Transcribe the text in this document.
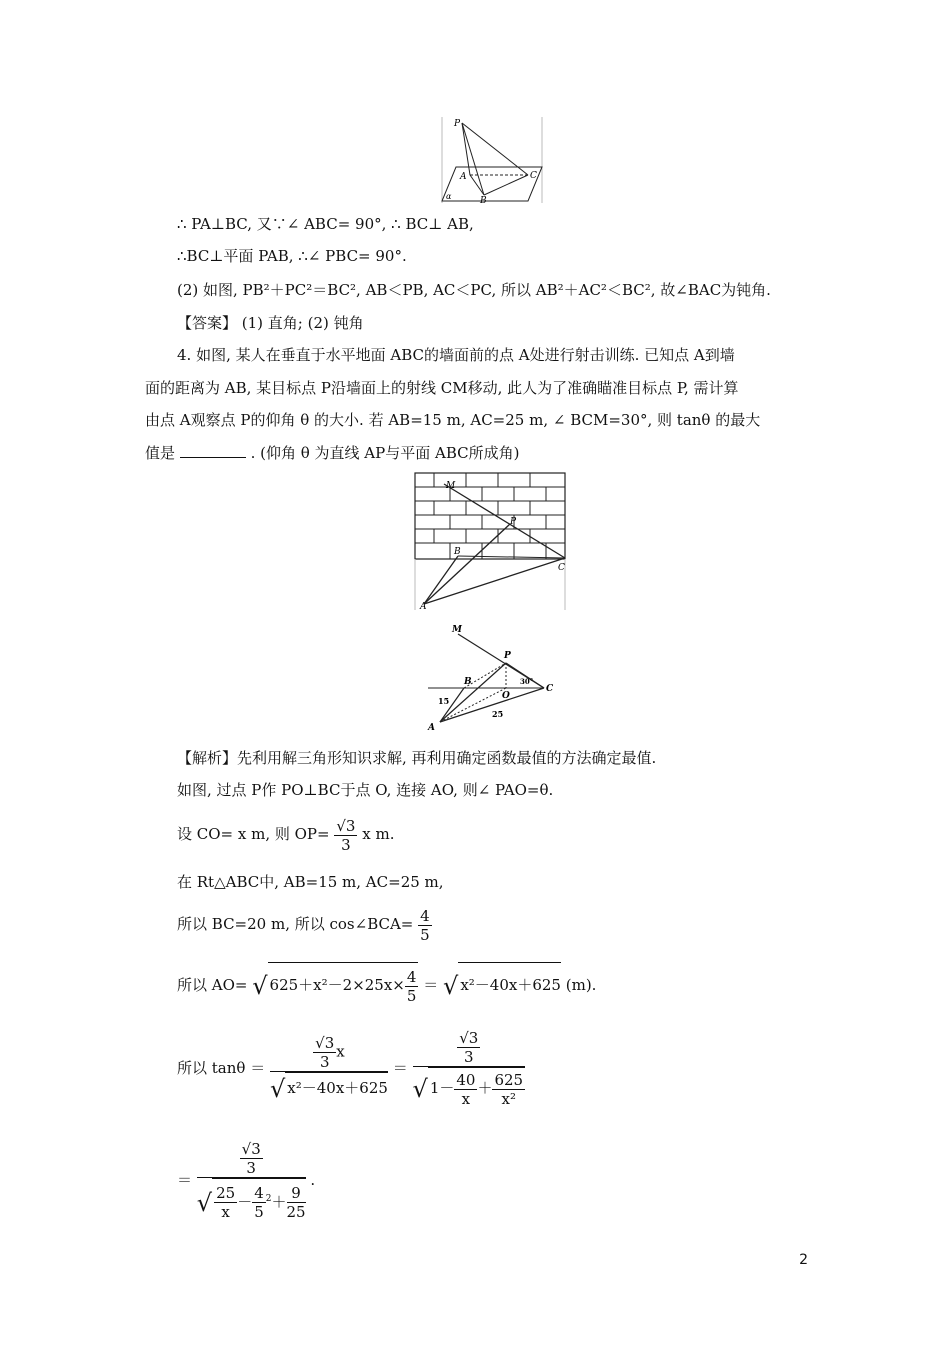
P
A
B
C
α
∴ PA⊥BC, 又∵∠ ABC= 90°, ∴ BC⊥ AB,
∴BC⊥平面 PAB, ∴∠ PBC= 90°.
(2) 如图, PB²＋PC²＝BC², AB＜PB, AC＜PC, 所以 AB²＋AC²＜BC², 故∠BAC为钝角.
【答案】 (1) 直角; (2) 钝角
4. 如图, 某人在垂直于水平地面 ABC的墙面前的点 A处进行射击训练. 已知点 A到墙
面的距离为 AB, 某目标点 P沿墙面上的射线 CM移动, 此人为了准确瞄准目标点 P, 需计算
由点 A观察点 P的仰角 θ 的大小. 若 AB=15 m, AC=25 m, ∠ BCM=30°, 则 tanθ 的最大
值是	. (仰角 θ 为直线 AP与平面 ABC所成角)
M
P
B
C
A
M
P
B
O
C
A
15
25
30°
【解析】先利用解三角形知识求解, 再利用确定函数最值的方法确定最值.
如图, 过点 P作 PO⊥BC于点 O, 连接 AO, 则∠ PAO=θ.
设 CO= x m, 则 $OP= \frac{√3}{3}$ x m.
在 Rt△ABC中, AB=15 m, AC=25 m,
所以 BC=20 m, 所以 cos∠BCA= $\frac{4}{5}$
所以 AO= √ $625+x^2-2\times 25x\times \frac{4}{5}$ ＝ √ x²－40x＋625 (m).
所以 $\tan\theta = \frac{\frac{√3}{3} x}{\text{√ x²－40x＋625}} = \frac{\frac{√3}{3}}{√ 1- \frac{40}{x} + \frac{625}{\text{x²}}}$
＝ $\frac{\frac{√3}{3}}{√ \frac{25}{x} - \frac{4}{5} ^2+ \frac{9}{25}}$ .
2
